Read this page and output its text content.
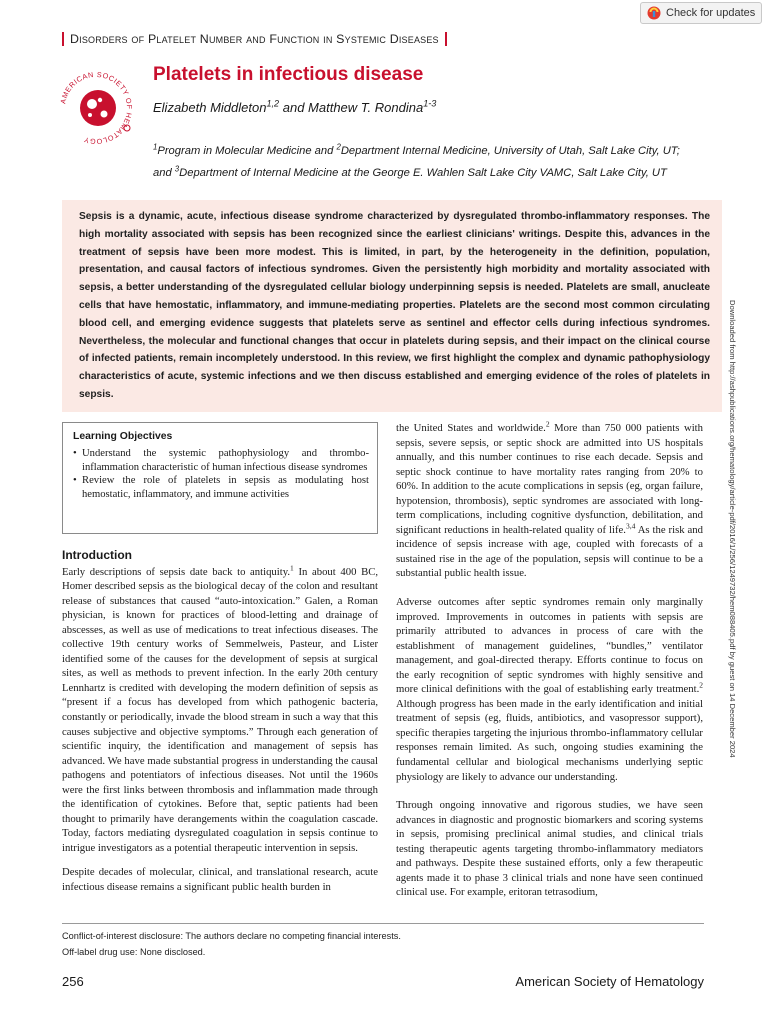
Check for updates
Disorders of Platelet Number and Function in Systemic Diseases
AMERICAN SOCIETY OF HEMATOLOGY
Platelets in infectious disease
Elizabeth Middleton$^{1,2}$ and Matthew T. Rondina$^{1-3}$
$^1$Program in Molecular Medicine and $^2$Department Internal Medicine, University of Utah, Salt Lake City, UT;
and $^3$Department of Internal Medicine at the George E. Wahlen Salt Lake City VAMC, Salt Lake City, UT

Sepsis is a dynamic, acute, infectious disease syndrome characterized by dysregulated thrombo-inflammatory responses. The high mortality associated with sepsis has been recognized since the earliest clinicians' writings. Despite this, advances in the treatment of sepsis have been more modest. This is limited, in part, by the heterogeneity in the definition, population, presentation, and causal factors of infectious syndromes. Given the persistently high morbidity and mortality associated with sepsis, a better understanding of the dysregulated cellular biology underpinning sepsis is needed. Platelets are small, anucleate cells that have hemostatic, inflammatory, and immune-mediating properties. Platelets are the second most common circulating blood cell, and emerging evidence suggests that platelets serve as sentinel and effector cells during infectious syndromes. Nevertheless, the molecular and functional changes that occur in platelets during sepsis, and their impact on the clinical course of infected patients, remain incompletely understood. In this review, we first highlight the complex and dynamic pathophysiology characteristics of acute, systemic infections and we then discuss established and emerging evidence of the roles of platelets in sepsis.	Downloaded from http://ashpublications.org/hematology/article-pdf/2016/1/256/1249732/hem088405.pdf by guest on 14 December 2024
Learning Objectives
• Understand the systemic pathophysiology and thrombo-inflammation characteristic of human infectious disease syndromes
• Review the role of platelets in sepsis as modulating host hemostatic, inflammatory, and immune activities
Introduction

Early descriptions of sepsis date back to antiquity.$^1$ In about 400 BC, Homer described sepsis as the biological decay of the colon and resultant release of substances that caused “auto-intoxication.” Galen, a Roman physician, is known for practices of blood-letting and drainage of abscesses, as well as use of medications to treat infectious diseases. The collective 19th century works of Semmelweis, Pasteur, and Lister identified some of the causes for the development of sepsis at surgical sites, as well as methods to prevent infection. In the early 20th century Lennhartz is credited with developing the modern definition of sepsis as “present if a focus has developed from which pathogenic bacteria, constantly or periodically, invade the blood stream in such a way that this causes subjective and objective symptoms.” Through each generation of scientific inquiry, the identification and management of sepsis has advanced. We have made substantial progress in understanding the causal pathogens and potentiators of infectious diseases. Not until the 1960s were the first links between thrombosis and inflammation made through the identification of cytokines. Before that, septic patients had been thought to primarily have derangements within the coagulation cascade. Today, factors mediating dysregulated coagulation in sepsis continue to intrigue investigators as a potential therapeutic intervention in sepsis.

Despite decades of molecular, clinical, and translational research, acute infectious disease remains a significant public health burden in

the United States and worldwide.$^2$ More than 750 000 patients with sepsis, severe sepsis, or septic shock are admitted into US hospitals annually, and this number continues to rise each decade. Sepsis and septic shock continue to have mortality rates ranging from 20% to 60%. In addition to the acute complications in sepsis (eg, organ failure, hypotension, thrombosis), septic syndromes are associated with long-term complications, including cognitive dysfunction, debilitation, and significant reductions in health-related quality of life.$^{3,4}$ As the risk and incidence of sepsis increase with age, coupled with forecasts of a sustained rise in the age of the population, sepsis will continue to be a substantial public health issue.

Adverse outcomes after septic syndromes remain only marginally improved. Improvements in outcomes in patients with sepsis are primarily attributed to advances in process of care with the establishment of management guidelines, “bundles,” ventilator management, and goal-directed therapy. Efforts continue to focus on the early recognition of septic syndromes with highly sensitive and more clinical definitions with the goal of establishing early treatment.$^2$ Although progress has been made in the early identification and initial treatment of sepsis (eg, fluids, antibiotics, and vasopressor support), specific therapies targeting the injurious thrombo-inflammatory cellular responses remain limited. As such, ongoing studies examining the fundamental cellular and biological mechanisms underlying septic physiology are likely to advance our understanding.

Through ongoing innovative and rigorous studies, we have seen advances in diagnostic and prognostic biomarkers and scoring systems in sepsis, promising preclinical animal studies, and clinical trials testing therapeutic agents targeting thrombo-inflammatory mediators and pathways. Despite these sustained efforts, only a few therapeutic agents made it to phase 3 clinical trials and none have seen continued clinical use. For example, eritoran tetrasodium,

Conflict-of-interest disclosure: The authors declare no competing financial interests.
Off-label drug use: None disclosed.
256	American Society of Hematology
